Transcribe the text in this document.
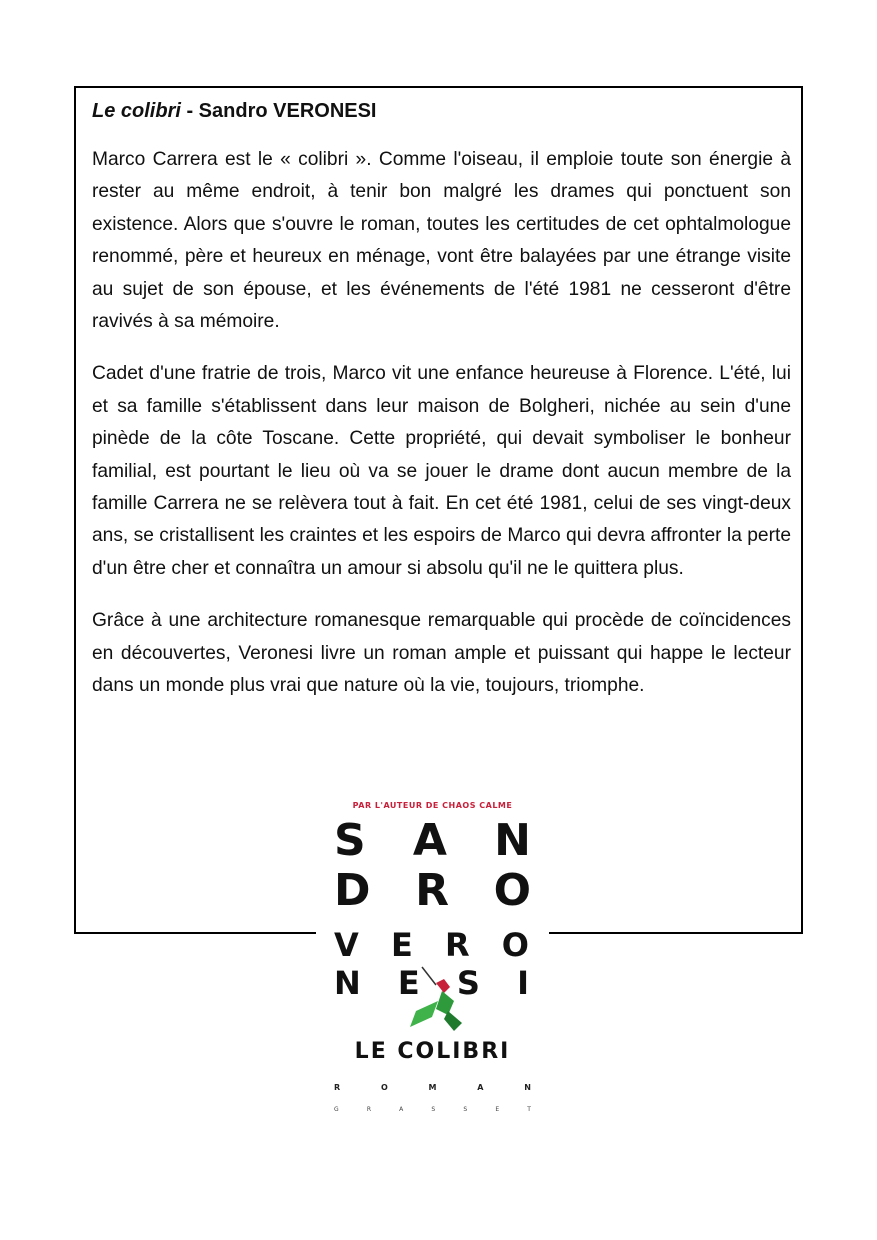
Le colibri - Sandro VERONESI

Marco Carrera est le « colibri ». Comme l'oiseau, il emploie toute son énergie à rester au même endroit, à tenir bon malgré les drames qui ponctuent son existence. Alors que s'ouvre le roman, toutes les certitudes de cet ophtalmologue renommé, père et heureux en ménage, vont être balayées par une étrange visite au sujet de son épouse, et les événements de l'été 1981 ne cesseront d'être ravivés à sa mémoire.

Cadet d'une fratrie de trois, Marco vit une enfance heureuse à Florence. L'été, lui et sa famille s'établissent dans leur maison de Bolgheri, nichée au sein d'une pinède de la côte Toscane. Cette propriété, qui devait symboliser le bonheur familial, est pourtant le lieu où va se jouer le drame dont aucun membre de la famille Carrera ne se relèvera tout à fait. En cet été 1981, celui de ses vingt-deux ans, se cristallisent les craintes et les espoirs de Marco qui devra affronter la perte d'un être cher et connaîtra un amour si absolu qu'il ne le quittera plus.

Grâce à une architecture romanesque remarquable qui procède de coïncidences en découvertes, Veronesi livre un roman ample et puissant qui happe le lecteur dans un monde plus vrai que nature où la vie, toujours, triomphe.

PAR L'AUTEUR DE CHAOS CALME
S A N
D R O
V E R O
N E S I
LE COLIBRI
R	O	M	A	N
G	R	A	S	S	E	T
